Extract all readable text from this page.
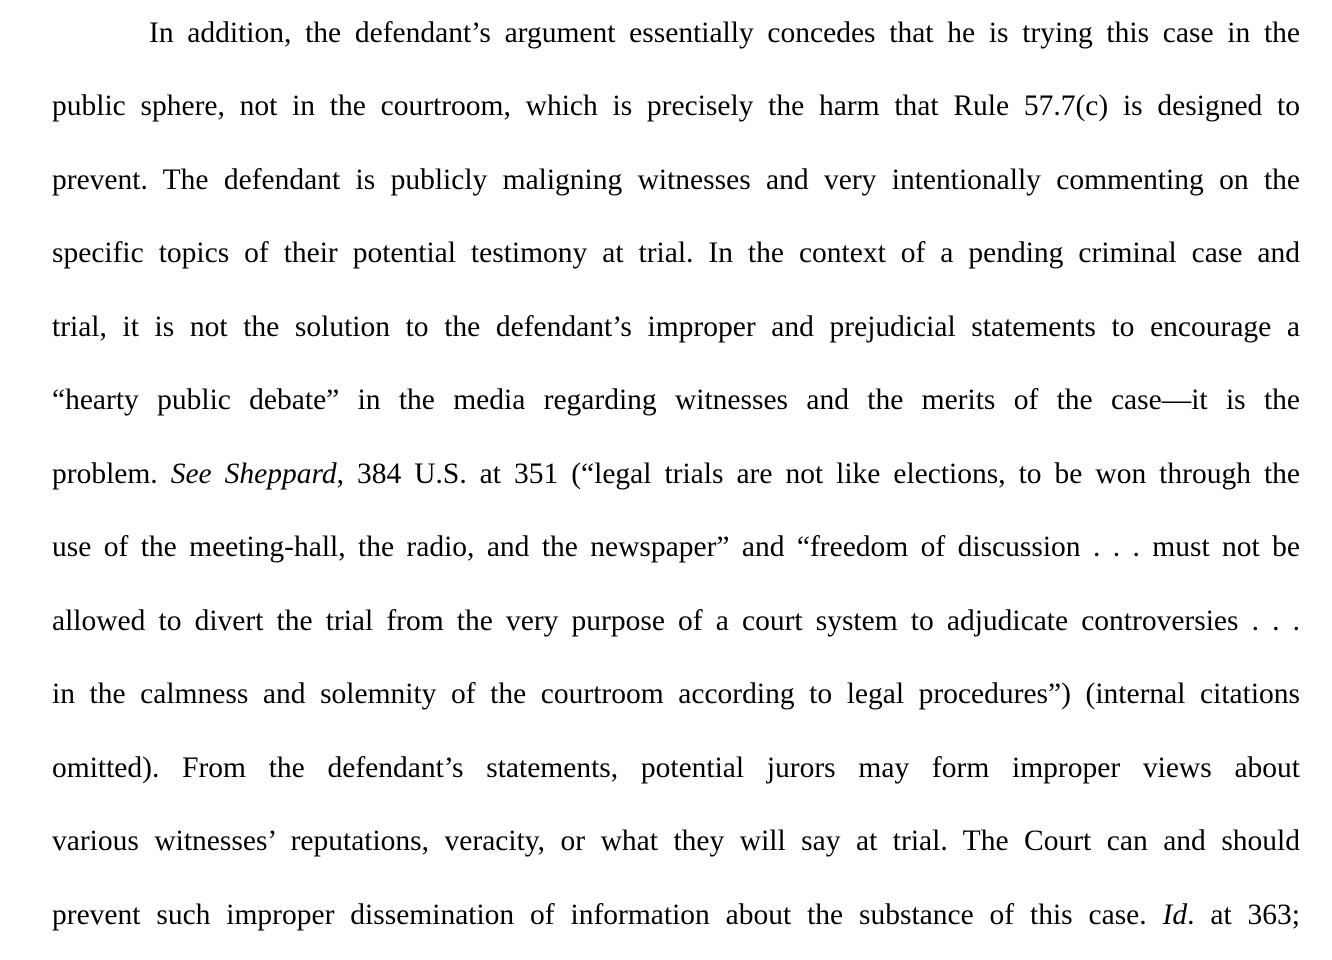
In addition, the defendant’s argument essentially concedes that he is trying this case in the
public sphere, not in the courtroom, which is precisely the harm that Rule 57.7(c) is designed to
prevent. The defendant is publicly maligning witnesses and very intentionally commenting on the
specific topics of their potential testimony at trial. In the context of a pending criminal case and
trial, it is not the solution to the defendant’s improper and prejudicial statements to encourage a
“hearty public debate” in the media regarding witnesses and the merits of the case—it is the
problem. See Sheppard, 384 U.S. at 351 (“legal trials are not like elections, to be won through the
use of the meeting-hall, the radio, and the newspaper” and “freedom of discussion . . . must not be
allowed to divert the trial from the very purpose of a court system to adjudicate controversies . . .
in the calmness and solemnity of the courtroom according to legal procedures”) (internal citations
omitted). From the defendant’s statements, potential jurors may form improper views about
various witnesses’ reputations, veracity, or what they will say at trial. The Court can and should
prevent such improper dissemination of information about the substance of this case. Id. at 363;
